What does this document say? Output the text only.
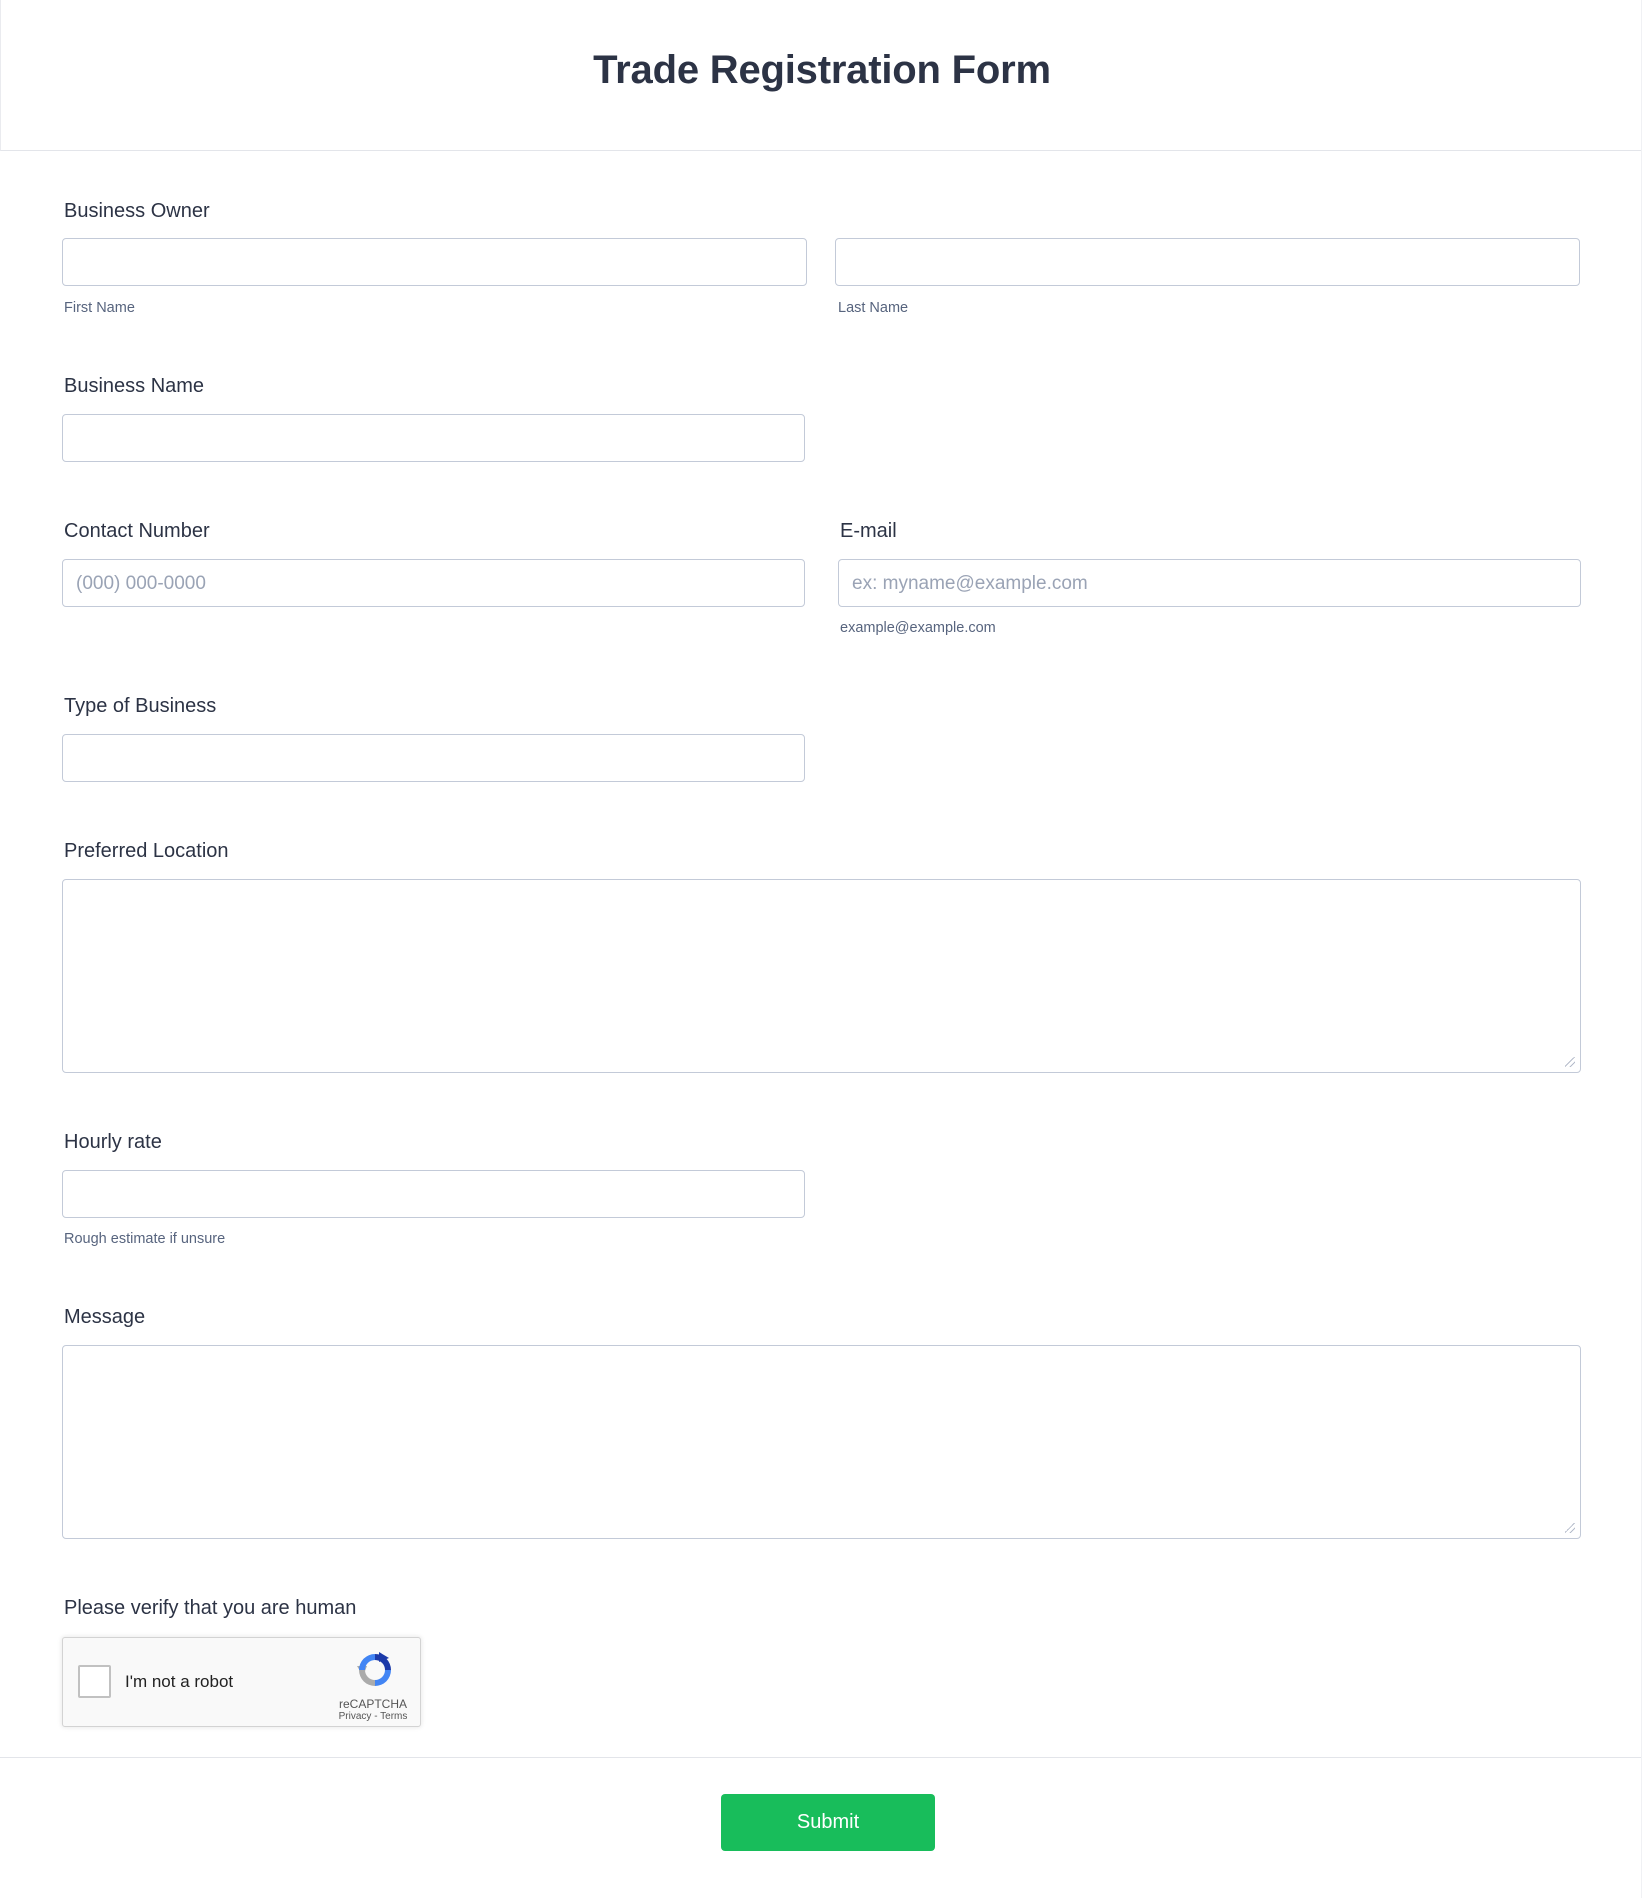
Trade Registration Form
Business Owner
First Name	Last Name
Business Name
Contact Number
(000) 000-0000
E-mail
ex: myname@example.com
example@example.com
Type of Business
Preferred Location
Hourly rate
Rough estimate if unsure
Message
Please verify that you are human
I'm not a robot
reCAPTCHA
Privacy - Terms
Submit
